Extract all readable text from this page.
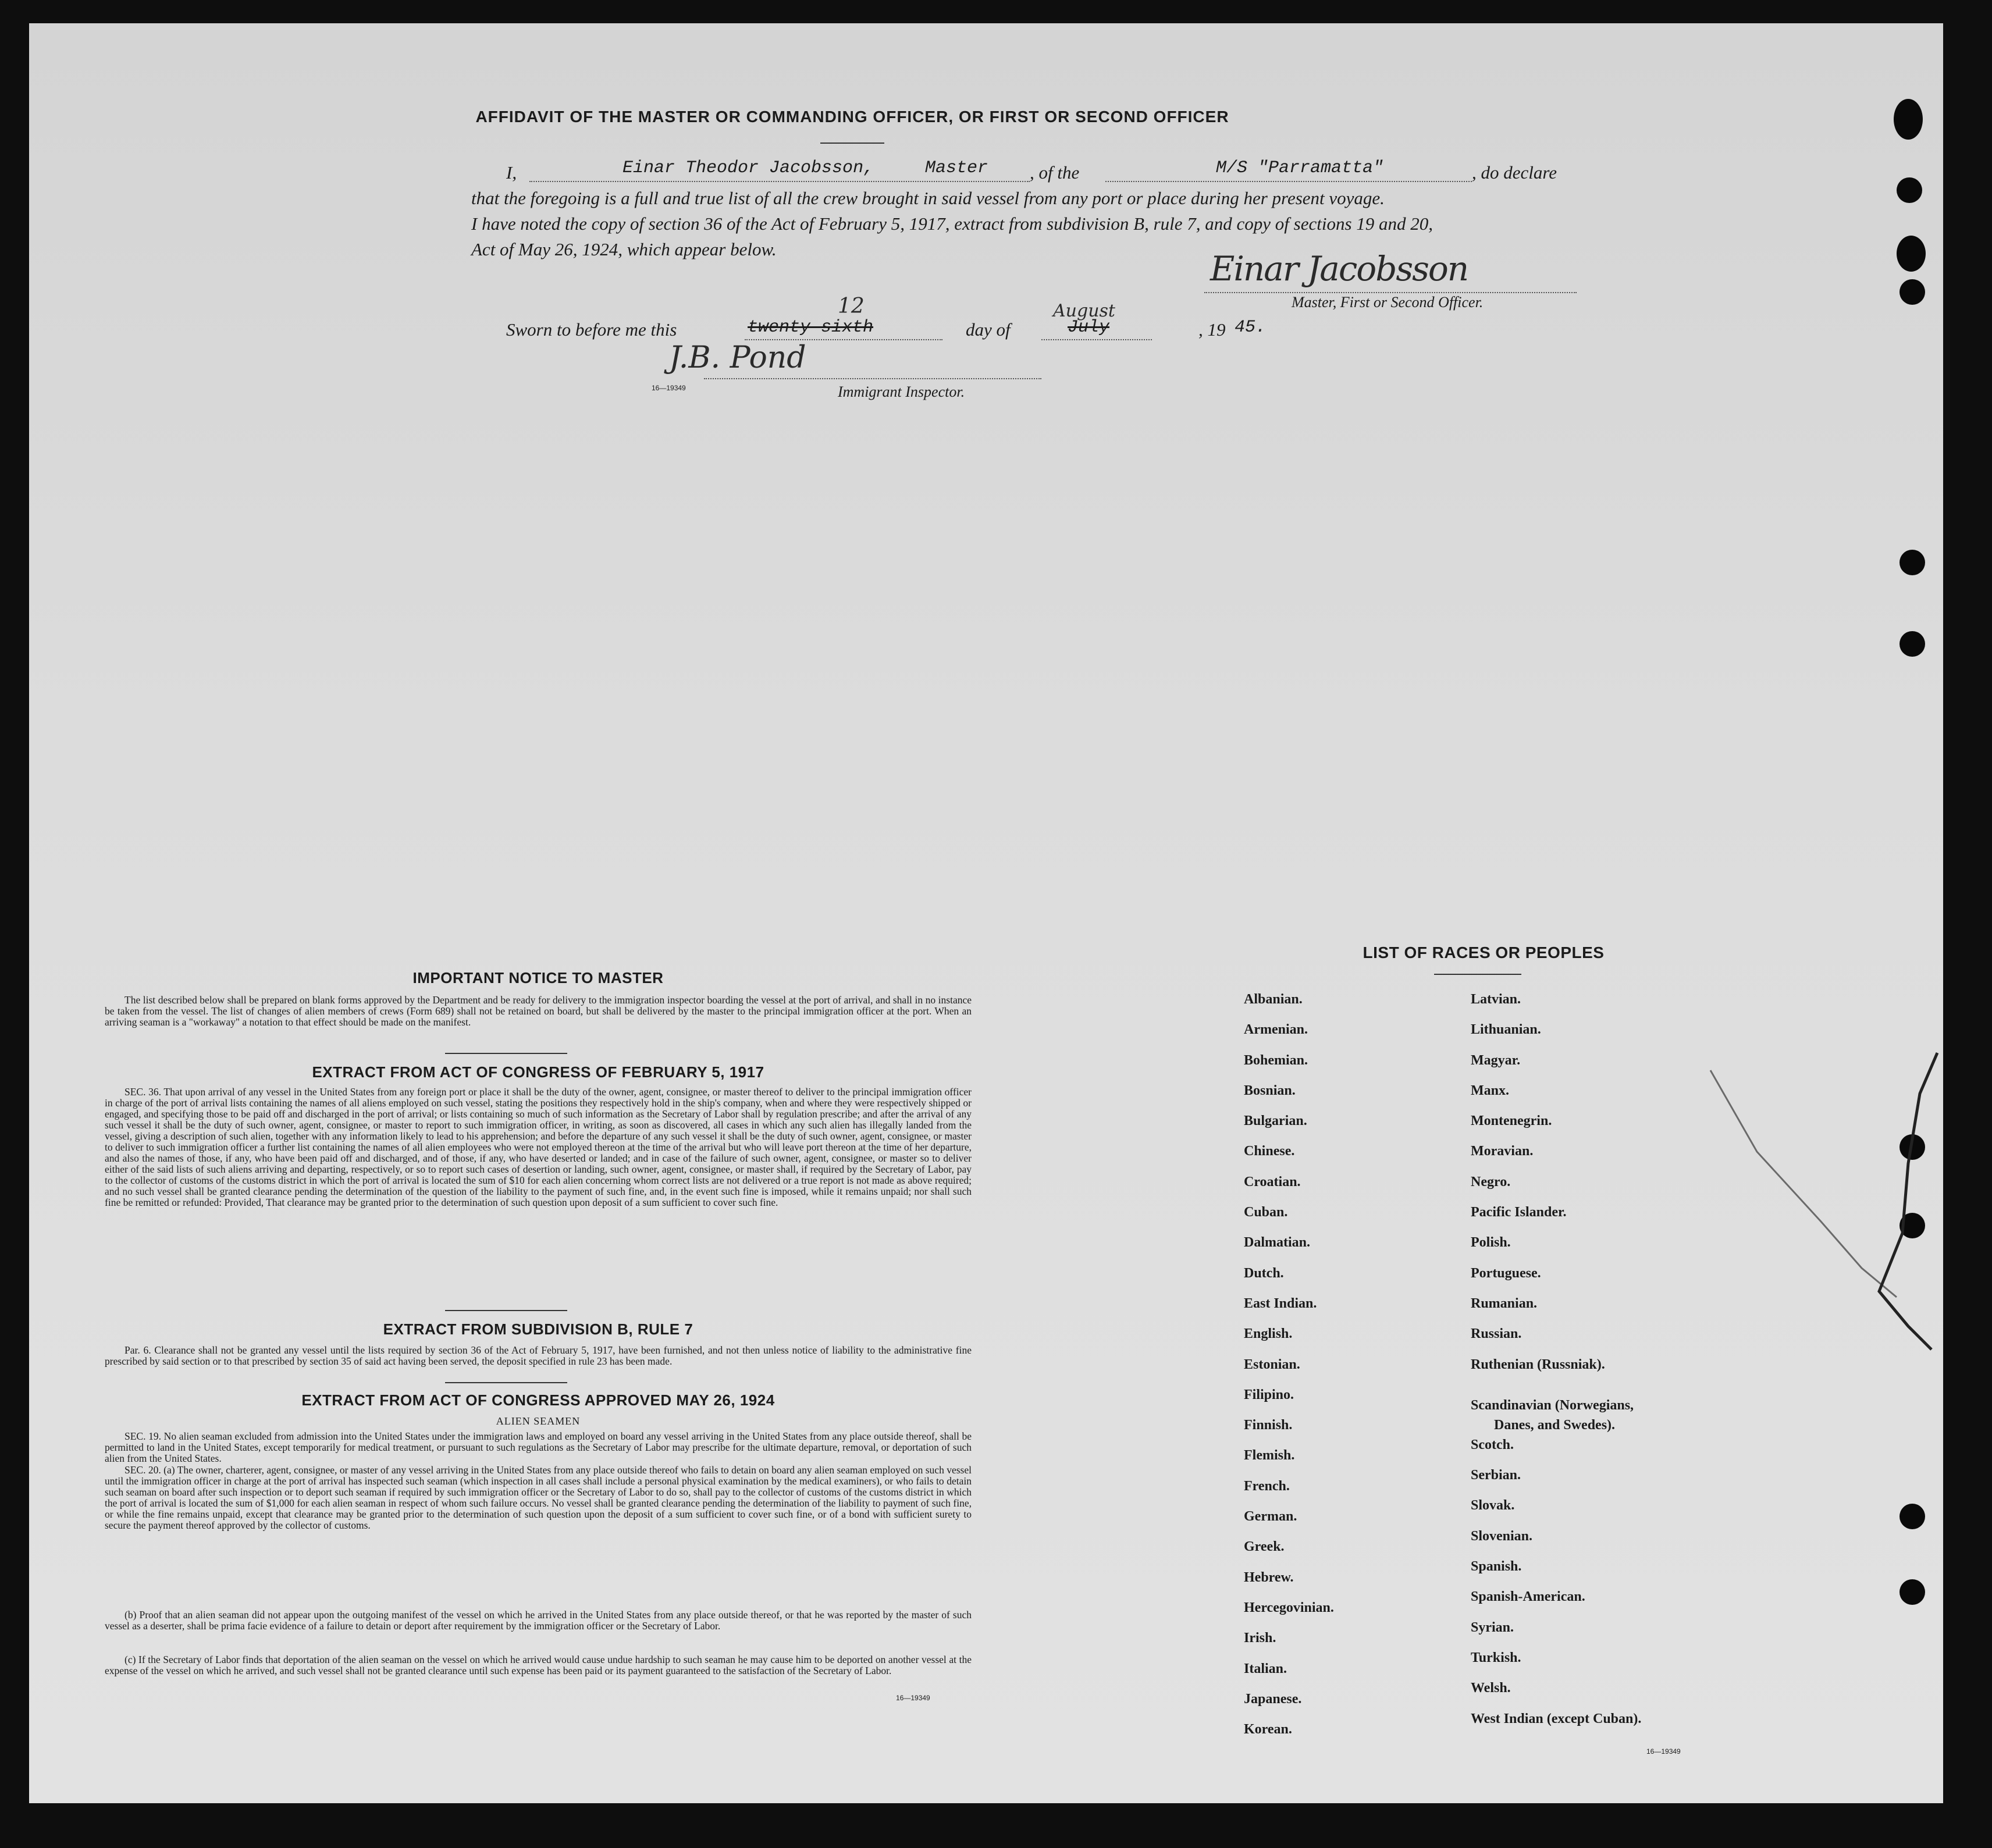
AFFIDAVIT OF THE MASTER OR COMMANDING OFFICER, OR FIRST OR SECOND OFFICER
I,	Einar Theodor Jacobsson,	Master , of the	M/S "Parramatta"	, do declare
that the foregoing is a full and true list of all the crew brought in said vessel from any port or place during her present voyage.
I have noted the copy of section 36 of the Act of February 5, 1917, extract from subdivision B, rule 7, and copy of sections 19 and 20,
Act of May 26, 1924, which appear below.	Einar Jacobsson
Master, First or Second Officer.
Sworn to before me this
12
twenty-sixth	day of
August
July	, 19 45.
J.B. Pond
16—19349	Immigrant Inspector.
IMPORTANT NOTICE TO MASTER
The list described below shall be prepared on blank forms approved by the Department and be ready for delivery to the immigration inspector boarding the vessel at the port of arrival, and shall in no instance be taken from the vessel. The list of changes of alien members of crews (Form 689) shall not be retained on board, but shall be delivered by the master to the principal immigration officer at the port. When an arriving seaman is a "workaway" a notation to that effect should be made on the manifest.
EXTRACT FROM ACT OF CONGRESS OF FEBRUARY 5, 1917
SEC. 36. That upon arrival of any vessel in the United States from any foreign port or place it shall be the duty of the owner, agent, consignee, or master thereof to deliver to the principal immigration officer in charge of the port of arrival lists containing the names of all aliens employed on such vessel, stating the positions they respectively hold in the ship's company, when and where they were respectively shipped or engaged, and specifying those to be paid off and discharged in the port of arrival; or lists containing so much of such information as the Secretary of Labor shall by regulation prescribe; and after the arrival of any such vessel it shall be the duty of such owner, agent, consignee, or master to report to such immigration officer, in writing, as soon as discovered, all cases in which any such alien has illegally landed from the vessel, giving a description of such alien, together with any information likely to lead to his apprehension; and before the departure of any such vessel it shall be the duty of such owner, agent, consignee, or master to deliver to such immigration officer a further list containing the names of all alien employees who were not employed thereon at the time of the arrival but who will leave port thereon at the time of her departure, and also the names of those, if any, who have been paid off and discharged, and of those, if any, who have deserted or landed; and in case of the failure of such owner, agent, consignee, or master so to deliver either of the said lists of such aliens arriving and departing, respectively, or so to report such cases of desertion or landing, such owner, agent, consignee, or master shall, if required by the Secretary of Labor, pay to the collector of customs of the customs district in which the port of arrival is located the sum of $10 for each alien concerning whom correct lists are not delivered or a true report is not made as above required; and no such vessel shall be granted clearance pending the determination of the question of the liability to the payment of such fine, and, in the event such fine is imposed, while it remains unpaid; nor shall such fine be remitted or refunded: Provided, That clearance may be granted prior to the determination of such question upon deposit of a sum sufficient to cover such fine.
EXTRACT FROM SUBDIVISION B, RULE 7
Par. 6. Clearance shall not be granted any vessel until the lists required by section 36 of the Act of February 5, 1917, have been furnished, and not then unless notice of liability to the administrative fine prescribed by said section or to that prescribed by section 35 of said act having been served, the deposit specified in rule 23 has been made.
EXTRACT FROM ACT OF CONGRESS APPROVED MAY 26, 1924
ALIEN SEAMEN
SEC. 19. No alien seaman excluded from admission into the United States under the immigration laws and employed on board any vessel arriving in the United States from any place outside thereof, shall be permitted to land in the United States, except temporarily for medical treatment, or pursuant to such regulations as the Secretary of Labor may prescribe for the ultimate departure, removal, or deportation of such alien from the United States.
SEC. 20. (a) The owner, charterer, agent, consignee, or master of any vessel arriving in the United States from any place outside thereof who fails to detain on board any alien seaman employed on such vessel until the immigration officer in charge at the port of arrival has inspected such seaman (which inspection in all cases shall include a personal physical examination by the medical examiners), or who fails to detain such seaman on board after such inspection or to deport such seaman if required by such immigration officer or the Secretary of Labor to do so, shall pay to the collector of customs of the customs district in which the port of arrival is located the sum of $1,000 for each alien seaman in respect of whom such failure occurs. No vessel shall be granted clearance pending the determination of the liability to payment of such fine, or while the fine remains unpaid, except that clearance may be granted prior to the determination of such question upon the deposit of a sum sufficient to cover such fine, or of a bond with sufficient surety to secure the payment thereof approved by the collector of customs.
(b) Proof that an alien seaman did not appear upon the outgoing manifest of the vessel on which he arrived in the United States from any place outside thereof, or that he was reported by the master of such vessel as a deserter, shall be prima facie evidence of a failure to detain or deport after requirement by the immigration officer or the Secretary of Labor.
(c) If the Secretary of Labor finds that deportation of the alien seaman on the vessel on which he arrived would cause undue hardship to such seaman he may cause him to be deported on another vessel at the expense of the vessel on which he arrived, and such vessel shall not be granted clearance until such expense has been paid or its payment guaranteed to the satisfaction of the Secretary of Labor.
16—19349
LIST OF RACES OR PEOPLES
Albanian.
Armenian.
Bohemian.
Bosnian.
Bulgarian.
Chinese.
Croatian.
Cuban.
Dalmatian.
Dutch.
East Indian.
English.
Estonian.
Filipino.
Finnish.
Flemish.
French.
German.
Greek.
Hebrew.
Hercegovinian.
Irish.
Italian.
Japanese.
Korean.
Latvian.
Lithuanian.
Magyar.
Manx.
Montenegrin.
Moravian.
Negro.
Pacific Islander.
Polish.
Portuguese.
Rumanian.
Russian.
Ruthenian (Russniak).
Scandinavian (Norwegians,
Danes, and Swedes).
Scotch.
Serbian.
Slovak.
Slovenian.
Spanish.
Spanish-American.
Syrian.
Turkish.
Welsh.
West Indian (except Cuban).
16—19349
